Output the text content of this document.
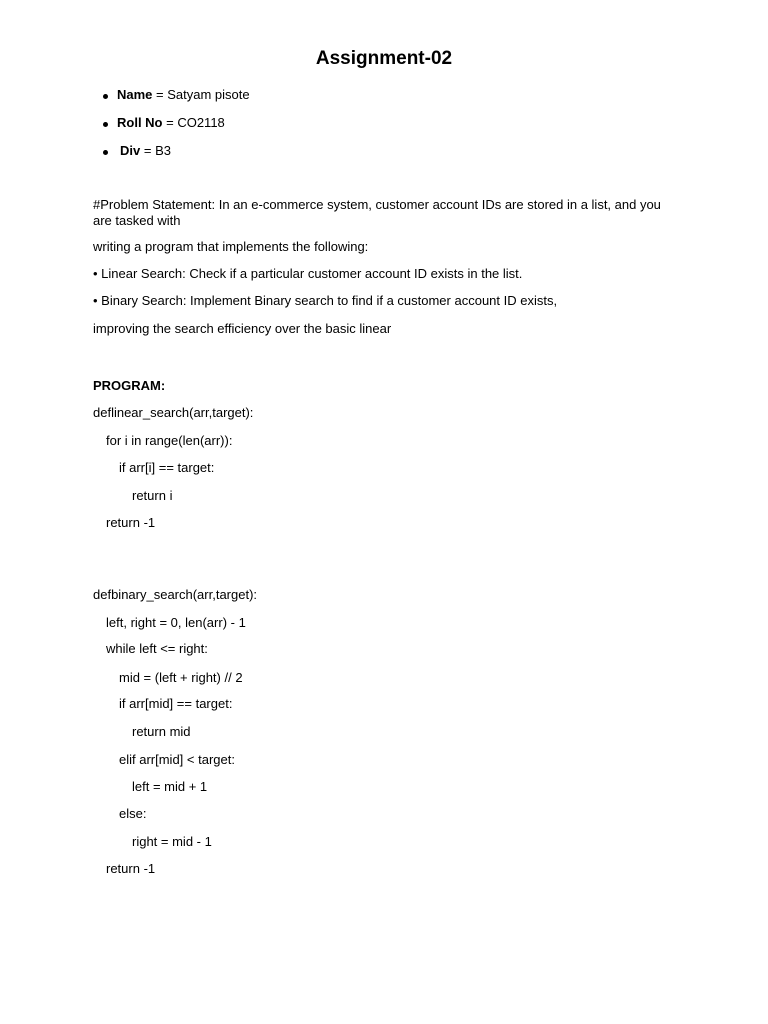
Assignment-02
Name = Satyam pisote
Roll No = CO2118
Div = B3
#Problem Statement: In an e-commerce system, customer account IDs are stored in a list, and you are tasked with
writing a program that implements the following:
• Linear Search: Check if a particular customer account ID exists in the list.
• Binary Search: Implement Binary search to find if a customer account ID exists,
improving the search efficiency over the basic linear
PROGRAM:
deflinear_search(arr,target):
for i in range(len(arr)):
if arr[i] == target:
return i
return -1
defbinary_search(arr,target):
left, right = 0, len(arr) - 1
while left <= right:
mid = (left + right) // 2
if arr[mid] == target:
return mid
elif arr[mid] < target:
left = mid + 1
else:
right = mid - 1
return -1
